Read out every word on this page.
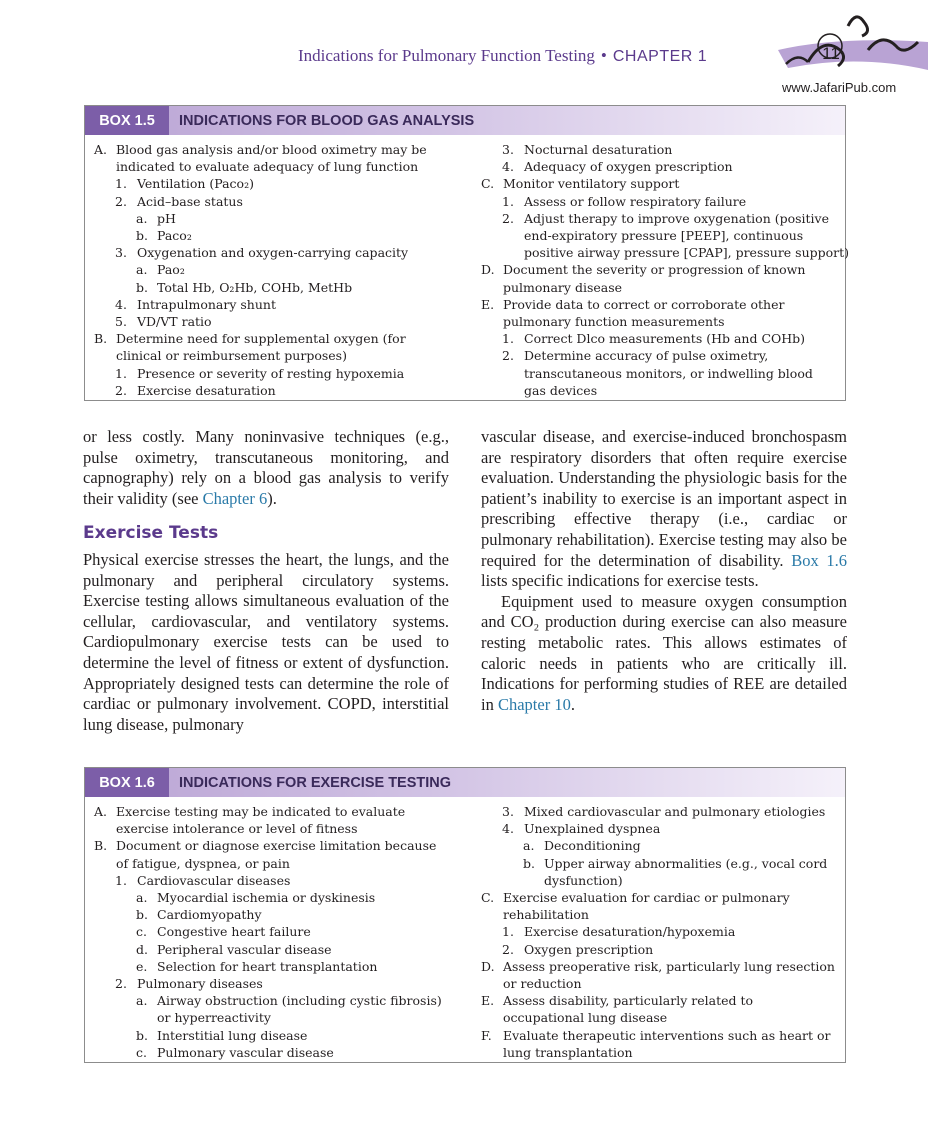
Indications for Pulmonary Function Testing • CHAPTER 1	11
www.JafariPub.com
BOX 1.5	INDICATIONS FOR BLOOD GAS ANALYSIS
A. Blood gas analysis and/or blood oximetry may be
indicated to evaluate adequacy of lung function
1. Ventilation (Paco₂)
2. Acid–base status
a. pH
b. Paco₂
3. Oxygenation and oxygen-carrying capacity
a. Pao₂
b. Total Hb, O₂Hb, COHb, MetHb
4. Intrapulmonary shunt
5. VD/VT ratio
B. Determine need for supplemental oxygen (for
clinical or reimbursement purposes)
1. Presence or severity of resting hypoxemia
2. Exercise desaturation
3. Nocturnal desaturation
4. Adequacy of oxygen prescription
C. Monitor ventilatory support
1. Assess or follow respiratory failure
2. Adjust therapy to improve oxygenation (positive
end-expiratory pressure [PEEP], continuous
positive airway pressure [CPAP], pressure support)
D. Document the severity or progression of known
pulmonary disease
E. Provide data to correct or corroborate other
pulmonary function measurements
1. Correct Dlco measurements (Hb and COHb)
2. Determine accuracy of pulse oximetry,
transcutaneous monitors, or indwelling blood
gas devices

or less costly. Many noninvasive techniques (e.g., pulse oximetry, transcutaneous monitoring, and capnography) rely on a blood gas analysis to verify their validity (see Chapter 6).

Exercise Tests

Physical exercise stresses the heart, the lungs, and the pulmonary and peripheral circulatory systems. Exercise testing allows simultaneous evaluation of the cellular, cardiovascular, and ventilatory systems. Cardiopulmonary exercise tests can be used to determine the level of fitness or extent of dysfunction. Appropriately designed tests can determine the role of cardiac or pulmonary involvement. COPD, interstitial lung disease, pulmonary

vascular disease, and exercise-induced bronchospasm are respiratory disorders that often require exercise evaluation. Understanding the physiologic basis for the patient’s inability to exercise is an important aspect in prescribing effective therapy (i.e., cardiac or pulmonary rehabilitation). Exercise testing may also be required for the determination of disability. Box 1.6 lists specific indications for exercise tests.

Equipment used to measure oxygen consumption and CO₂ production during exercise can also measure resting metabolic rates. This allows estimates of caloric needs in patients who are critically ill. Indications for performing studies of REE are detailed in Chapter 10.

BOX 1.6	INDICATIONS FOR EXERCISE TESTING
A. Exercise testing may be indicated to evaluate
exercise intolerance or level of fitness
B. Document or diagnose exercise limitation because
of fatigue, dyspnea, or pain
1. Cardiovascular diseases
a. Myocardial ischemia or dyskinesis
b. Cardiomyopathy
c. Congestive heart failure
d. Peripheral vascular disease
e. Selection for heart transplantation
2. Pulmonary diseases
a. Airway obstruction (including cystic fibrosis)
or hyperreactivity
b. Interstitial lung disease
c. Pulmonary vascular disease
3. Mixed cardiovascular and pulmonary etiologies
4. Unexplained dyspnea
a. Deconditioning
b. Upper airway abnormalities (e.g., vocal cord
dysfunction)
C. Exercise evaluation for cardiac or pulmonary
rehabilitation
1. Exercise desaturation/hypoxemia
2. Oxygen prescription
D. Assess preoperative risk, particularly lung resection
or reduction
E. Assess disability, particularly related to
occupational lung disease
F. Evaluate therapeutic interventions such as heart or
lung transplantation
